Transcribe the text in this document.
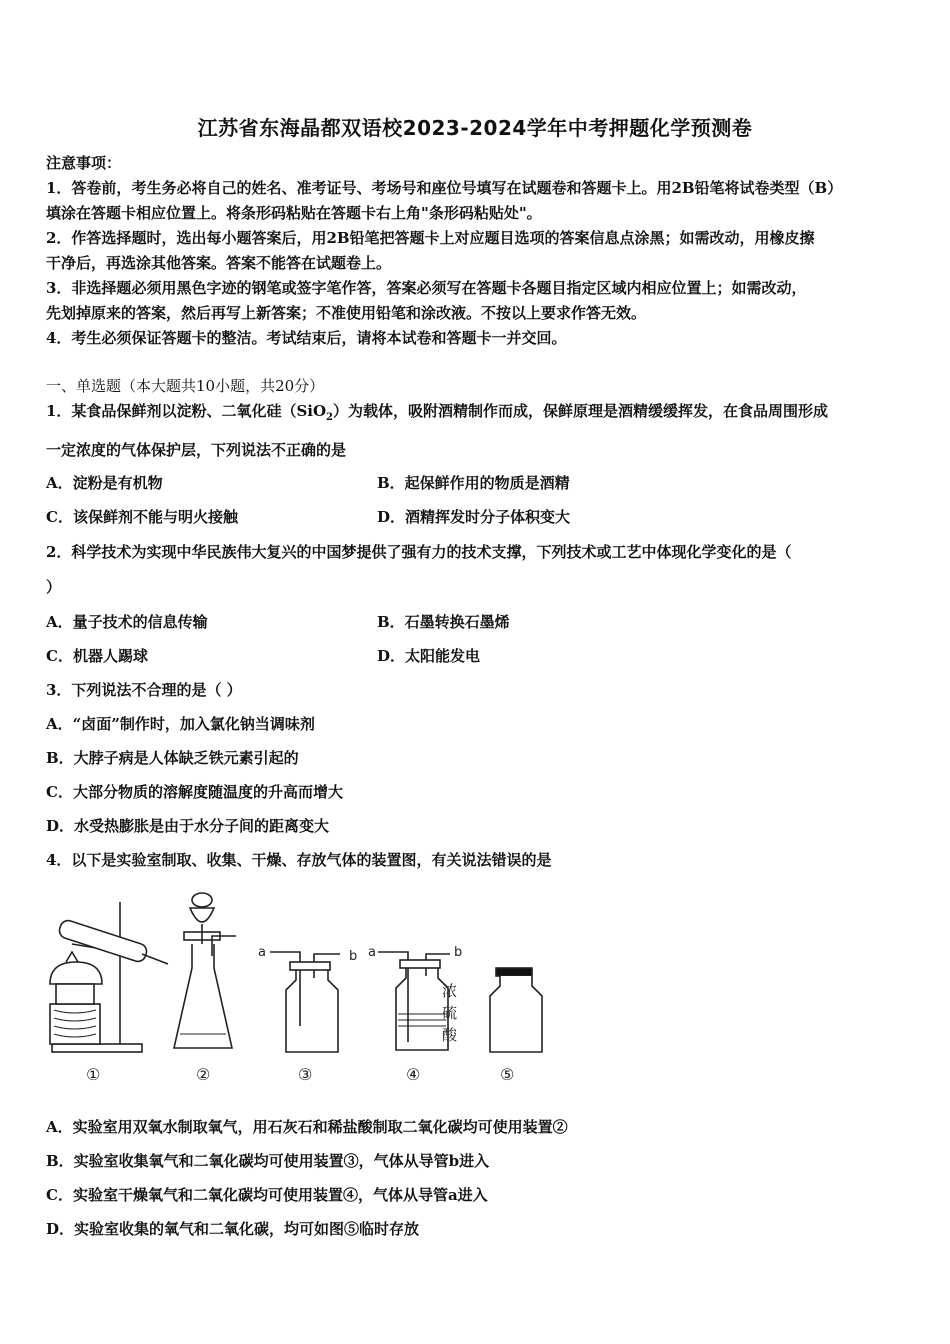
江苏省东海晶都双语校2023-2024学年中考押题化学预测卷
注意事项：
1．答卷前，考生务必将自己的姓名、准考证号、考场号和座位号填写在试题卷和答题卡上。用2B铅笔将试卷类型（B）
填涂在答题卡相应位置上。将条形码粘贴在答题卡右上角"条形码粘贴处"。
2．作答选择题时，选出每小题答案后，用2B铅笔把答题卡上对应题目选项的答案信息点涂黑；如需改动，用橡皮擦
干净后，再选涂其他答案。答案不能答在试题卷上。
3．非选择题必须用黑色字迹的钢笔或签字笔作答，答案必须写在答题卡各题目指定区域内相应位置上；如需改动，
先划掉原来的答案，然后再写上新答案；不准使用铅笔和涂改液。不按以上要求作答无效。
4．考生必须保证答题卡的整洁。考试结束后，请将本试卷和答题卡一并交回。
一、单选题（本大题共10小题，共20分）
1．某食品保鲜剂以淀粉、二氧化硅（SiO$_2$）为载体，吸附酒精制作而成，保鲜原理是酒精缓缓挥发，在食品周围形成
一定浓度的气体保护层，下列说法不正确的是
A．淀粉是有机物	B．起保鲜作用的物质是酒精
C．该保鲜剂不能与明火接触	D．酒精挥发时分子体积变大
2．科学技术为实现中华民族伟大复兴的中国梦提供了强有力的技术支撑，下列技术或工艺中体现化学变化的是（
）
A．量子技术的信息传输	B．石墨转换石墨烯
C．机器人踢球	D．太阳能发电
3．下列说法不合理的是（ ）
A．“卤面”制作时，加入氯化钠当调味剂
B．大脖子病是人体缺乏铁元素引起的
C．大部分物质的溶解度随温度的升高而增大
D．水受热膨胀是由于水分子间的距离变大
4．以下是实验室制取、收集、干燥、存放气体的装置图，有关说法错误的是
a	b a	b
浓
硫
酸
①	②	③	④	⑤
A．实验室用双氧水制取氧气，用石灰石和稀盐酸制取二氧化碳均可使用装置②
B．实验室收集氧气和二氧化碳均可使用装置③，气体从导管b进入
C．实验室干燥氧气和二氧化碳均可使用装置④，气体从导管a进入
D．实验室收集的氧气和二氧化碳，均可如图⑤临时存放
